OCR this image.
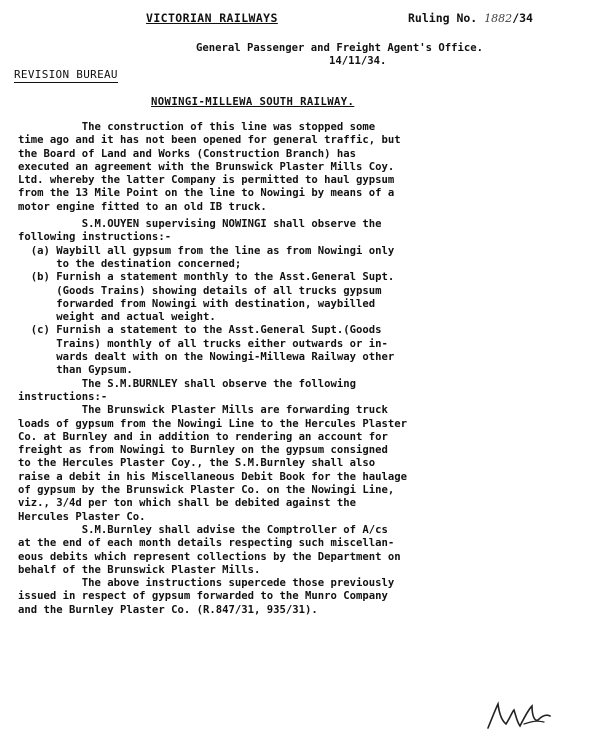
VICTORIAN RAILWAYS	Ruling No. 1882/34
General Passenger and Freight Agent's Office.
14/11/34.
REVISION BUREAU
NOWINGI-MILLEWA SOUTH RAILWAY.
The construction of this line was stopped some
time ago and it has not been opened for general traffic, but
the Board of Land and Works (Construction Branch) has
executed an agreement with the Brunswick Plaster Mills Coy.
Ltd. whereby the latter Company is permitted to haul gypsum
from the 13 Mile Point on the line to Nowingi by means of a
motor engine fitted to an old IB truck.
S.M.OUYEN supervising NOWINGI shall observe the
following instructions:-
(a) Waybill all gypsum from the line as from Nowingi only
to the destination concerned;
(b) Furnish a statement monthly to the Asst.General Supt.
(Goods Trains) showing details of all trucks gypsum
forwarded from Nowingi with destination, waybilled
weight and actual weight.
(c) Furnish a statement to the Asst.General Supt.(Goods
Trains) monthly of all trucks either outwards or in-
wards dealt with on the Nowingi-Millewa Railway other
than Gypsum.
The S.M.BURNLEY shall observe the following
instructions:-
The Brunswick Plaster Mills are forwarding truck
loads of gypsum from the Nowingi Line to the Hercules Plaster
Co. at Burnley and in addition to rendering an account for
freight as from Nowingi to Burnley on the gypsum consigned
to the Hercules Plaster Coy., the S.M.Burnley shall also
raise a debit in his Miscellaneous Debit Book for the haulage
of gypsum by the Brunswick Plaster Co. on the Nowingi Line,
viz., 3/4d per ton which shall be debited against the
Hercules Plaster Co.
S.M.Burnley shall advise the Comptroller of A/cs
at the end of each month details respecting such miscellan-
eous debits which represent collections by the Department on
behalf of the Brunswick Plaster Mills.
The above instructions supercede those previously
issued in respect of gypsum forwarded to the Munro Company
and the Burnley Plaster Co. (R.847/31, 935/31).
